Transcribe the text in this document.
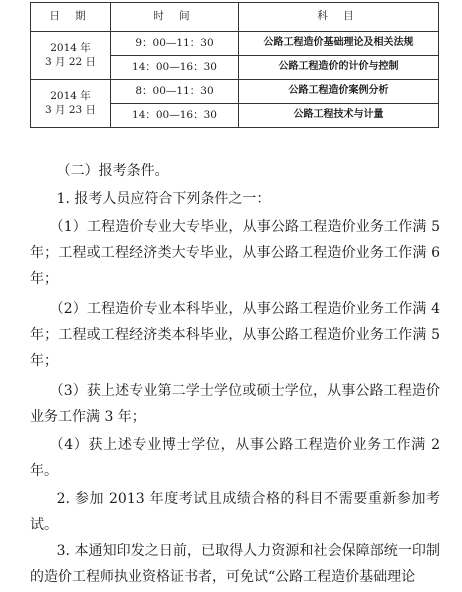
日 期	时 间	科 目
2014 年
3 月 22 日	9：00—11：30	公路工程造价基础理论及相关法规
	14：00—16：30	公路工程造价的计价与控制
2014 年
3 月 23 日	8：00—11：30	公路工程造价案例分析
	14：00—16：30	公路工程技术与计量

（二）报考条件。

1. 报考人员应符合下列条件之一：

（1）工程造价专业大专毕业，从事公路工程造价业务工作满 5 年；工程或工程经济类大专毕业，从事公路工程造价业务工作满 6 年；

（2）工程造价专业本科毕业，从事公路工程造价业务工作满 4 年；工程或工程经济类本科毕业，从事公路工程造价业务工作满 5 年；

（3）获上述专业第二学士学位或硕士学位，从事公路工程造价业务工作满 3 年；

（4）获上述专业博士学位，从事公路工程造价业务工作满 2 年。

2. 参加 2013 年度考试且成绩合格的科目不需要重新参加考试。

3. 本通知印发之日前，已取得人力资源和社会保障部统一印制的造价工程师执业资格证书者，可免试“公路工程造价基础理论
